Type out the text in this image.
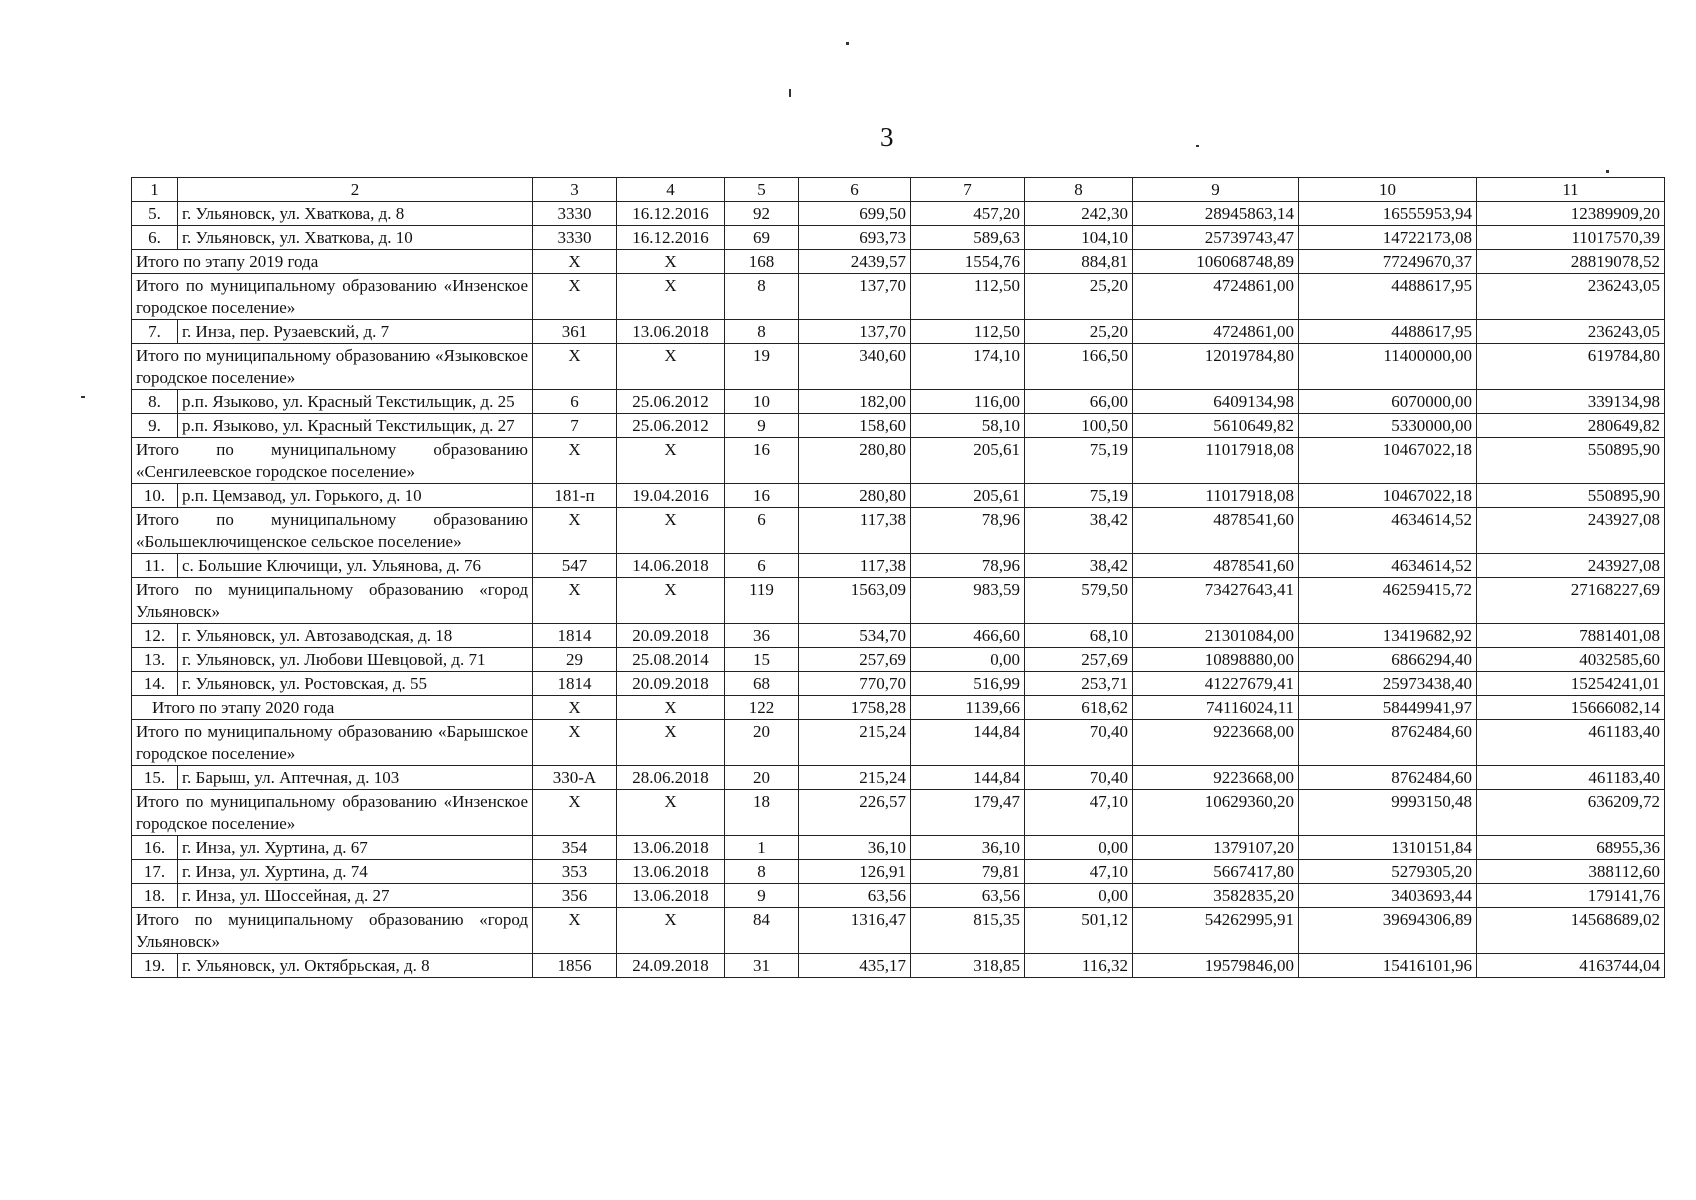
3
1	2	3	4	5	6	7	8	9	10	11
5.	г. Ульяновск, ул. Хваткова, д. 8	3330	16.12.2016	92	699,50	457,20	242,30	28945863,14	16555953,94	12389909,20
6.	г. Ульяновск, ул. Хваткова, д. 10	3330	16.12.2016	69	693,73	589,63	104,10	25739743,47	14722173,08	11017570,39
Итого по этапу 2019 года		Х	Х	168	2439,57	1554,76	884,81	106068748,89	77249670,37	28819078,52
Итого по муниципальному образованию «Инзенское городское поселение»		Х	Х	8	137,70	112,50	25,20	4724861,00	4488617,95	236243,05
7.	г. Инза, пер. Рузаевский, д. 7	361	13.06.2018	8	137,70	112,50	25,20	4724861,00	4488617,95	236243,05
Итого по муниципальному образованию «Языковское городское поселение»		Х	Х	19	340,60	174,10	166,50	12019784,80	11400000,00	619784,80
8.	р.п. Языково, ул. Красный Текстильщик, д. 25	6	25.06.2012	10	182,00	116,00	66,00	6409134,98	6070000,00	339134,98
9.	р.п. Языково, ул. Красный Текстильщик, д. 27	7	25.06.2012	9	158,60	58,10	100,50	5610649,82	5330000,00	280649,82
Итого по муниципальному образованию «Сенгилеевское городское поселение»		Х	Х	16	280,80	205,61	75,19	11017918,08	10467022,18	550895,90
10.	р.п. Цемзавод, ул. Горького, д. 10	181-п	19.04.2016	16	280,80	205,61	75,19	11017918,08	10467022,18	550895,90
Итого по муниципальному образованию «Большеключищенское сельское поселение»		Х	Х	6	117,38	78,96	38,42	4878541,60	4634614,52	243927,08
11.	с. Большие Ключищи, ул. Ульянова, д. 76	547	14.06.2018	6	117,38	78,96	38,42	4878541,60	4634614,52	243927,08
Итого по муниципальному образованию «город Ульяновск»		Х	Х	119	1563,09	983,59	579,50	73427643,41	46259415,72	27168227,69
12.	г. Ульяновск, ул. Автозаводская, д. 18	1814	20.09.2018	36	534,70	466,60	68,10	21301084,00	13419682,92	7881401,08
13.	г. Ульяновск, ул. Любови Шевцовой, д. 71	29	25.08.2014	15	257,69	0,00	257,69	10898880,00	6866294,40	4032585,60
14.	г. Ульяновск, ул. Ростовская, д. 55	1814	20.09.2018	68	770,70	516,99	253,71	41227679,41	25973438,40	15254241,01
Итого по этапу 2020 года		Х	Х	122	1758,28	1139,66	618,62	74116024,11	58449941,97	15666082,14
Итого по муниципальному образованию «Барышское городское поселение»		Х	Х	20	215,24	144,84	70,40	9223668,00	8762484,60	461183,40
15.	г. Барыш, ул. Аптечная, д. 103	330-А	28.06.2018	20	215,24	144,84	70,40	9223668,00	8762484,60	461183,40
Итого по муниципальному образованию «Инзенское городское поселение»		Х	Х	18	226,57	179,47	47,10	10629360,20	9993150,48	636209,72
16.	г. Инза, ул. Хуртина, д. 67	354	13.06.2018	1	36,10	36,10	0,00	1379107,20	1310151,84	68955,36
17.	г. Инза, ул. Хуртина, д. 74	353	13.06.2018	8	126,91	79,81	47,10	5667417,80	5279305,20	388112,60
18.	г. Инза, ул. Шоссейная, д. 27	356	13.06.2018	9	63,56	63,56	0,00	3582835,20	3403693,44	179141,76
Итого по муниципальному образованию «город Ульяновск»		Х	Х	84	1316,47	815,35	501,12	54262995,91	39694306,89	14568689,02
19.	г. Ульяновск, ул. Октябрьская, д. 8	1856	24.09.2018	31	435,17	318,85	116,32	19579846,00	15416101,96	4163744,04
